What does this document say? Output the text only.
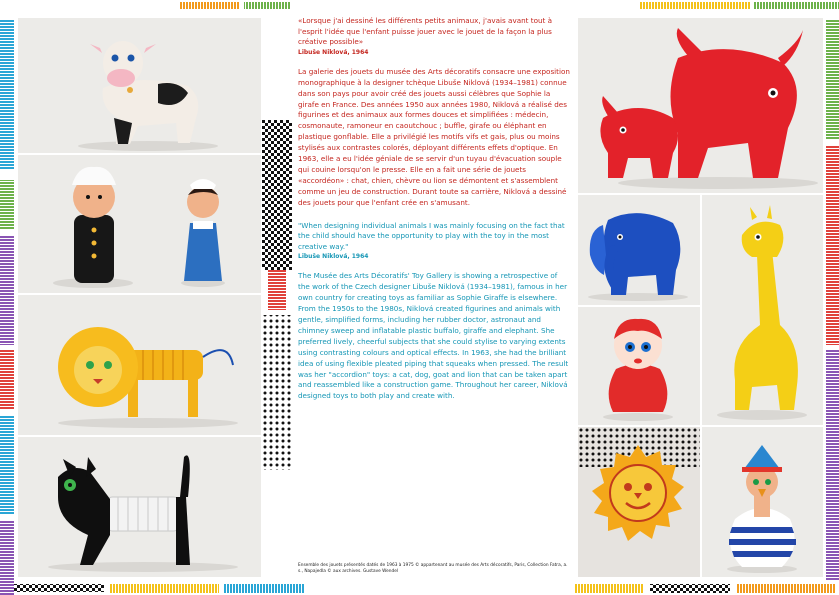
«Lorsque j'ai dessiné les différents petits animaux, j'avais avant tout à l'esprit l'idée que l'enfant puisse jouer avec le jouet de la façon la plus créative possible»

Libuše Niklová, 1964

La galerie des jouets du musée des Arts décoratifs consacre une exposition monographique à la designer tchèque Libuše Niklová (1934–1981) connue dans son pays pour avoir créé des jouets aussi célèbres que Sophie la girafe en France. Des années 1950 aux années 1980, Niklová a réalisé des figurines et des animaux aux formes douces et simplifiées : médecin, cosmonaute, ramoneur en caoutchouc ; buffle, girafe ou éléphant en plastique gonflable. Elle a privilégié les motifs vifs et gais, plus ou moins stylisés aux contrastes colorés, déployant différents effets d'optique. En 1963, elle a eu l'idée géniale de se servir d'un tuyau d'évacuation souple qui couine lorsqu'on le presse. Elle en a fait une série de jouets «accordéon» : chat, chien, chèvre ou lion se démontent et s'assemblent comme un jeu de construction. Durant toute sa carrière, Niklová a dessiné des jouets pour que l'enfant crée en s'amusant.

"When designing individual animals I was mainly focusing on the fact that the child should have the opportunity to play with the toy in the most creative way."

Libuše Niklová, 1964

The Musée des Arts Décoratifs' Toy Gallery is showing a retrospective of the work of the Czech designer Libuše Niklová (1934–1981), famous in her own country for creating toys as familiar as Sophie Giraffe is elsewhere. From the 1950s to the 1980s, Niklová created figurines and animals with gentle, simplified forms, including her rubber doctor, astronaut and chimney sweep and inflatable plastic buffalo, giraffe and elephant. She preferred lively, cheerful subjects that she could stylise to varying extents using contrasting colours and optical effects. In 1963, she had the brilliant idea of using flexible pleated piping that squeaks when pressed. The result was her "accordion" toys: a cat, dog, goat and lion that can be taken apart and reassembled like a construction game. Throughout her career, Niklová designed toys to both play and create with.

Ensemble des jouets présentés datés de 1963 à 1975 © appartenant au musée des Arts décoratifs, Paris, Collection Fatra, a. s., Napajedla © aux archives. Gustave Wendel
